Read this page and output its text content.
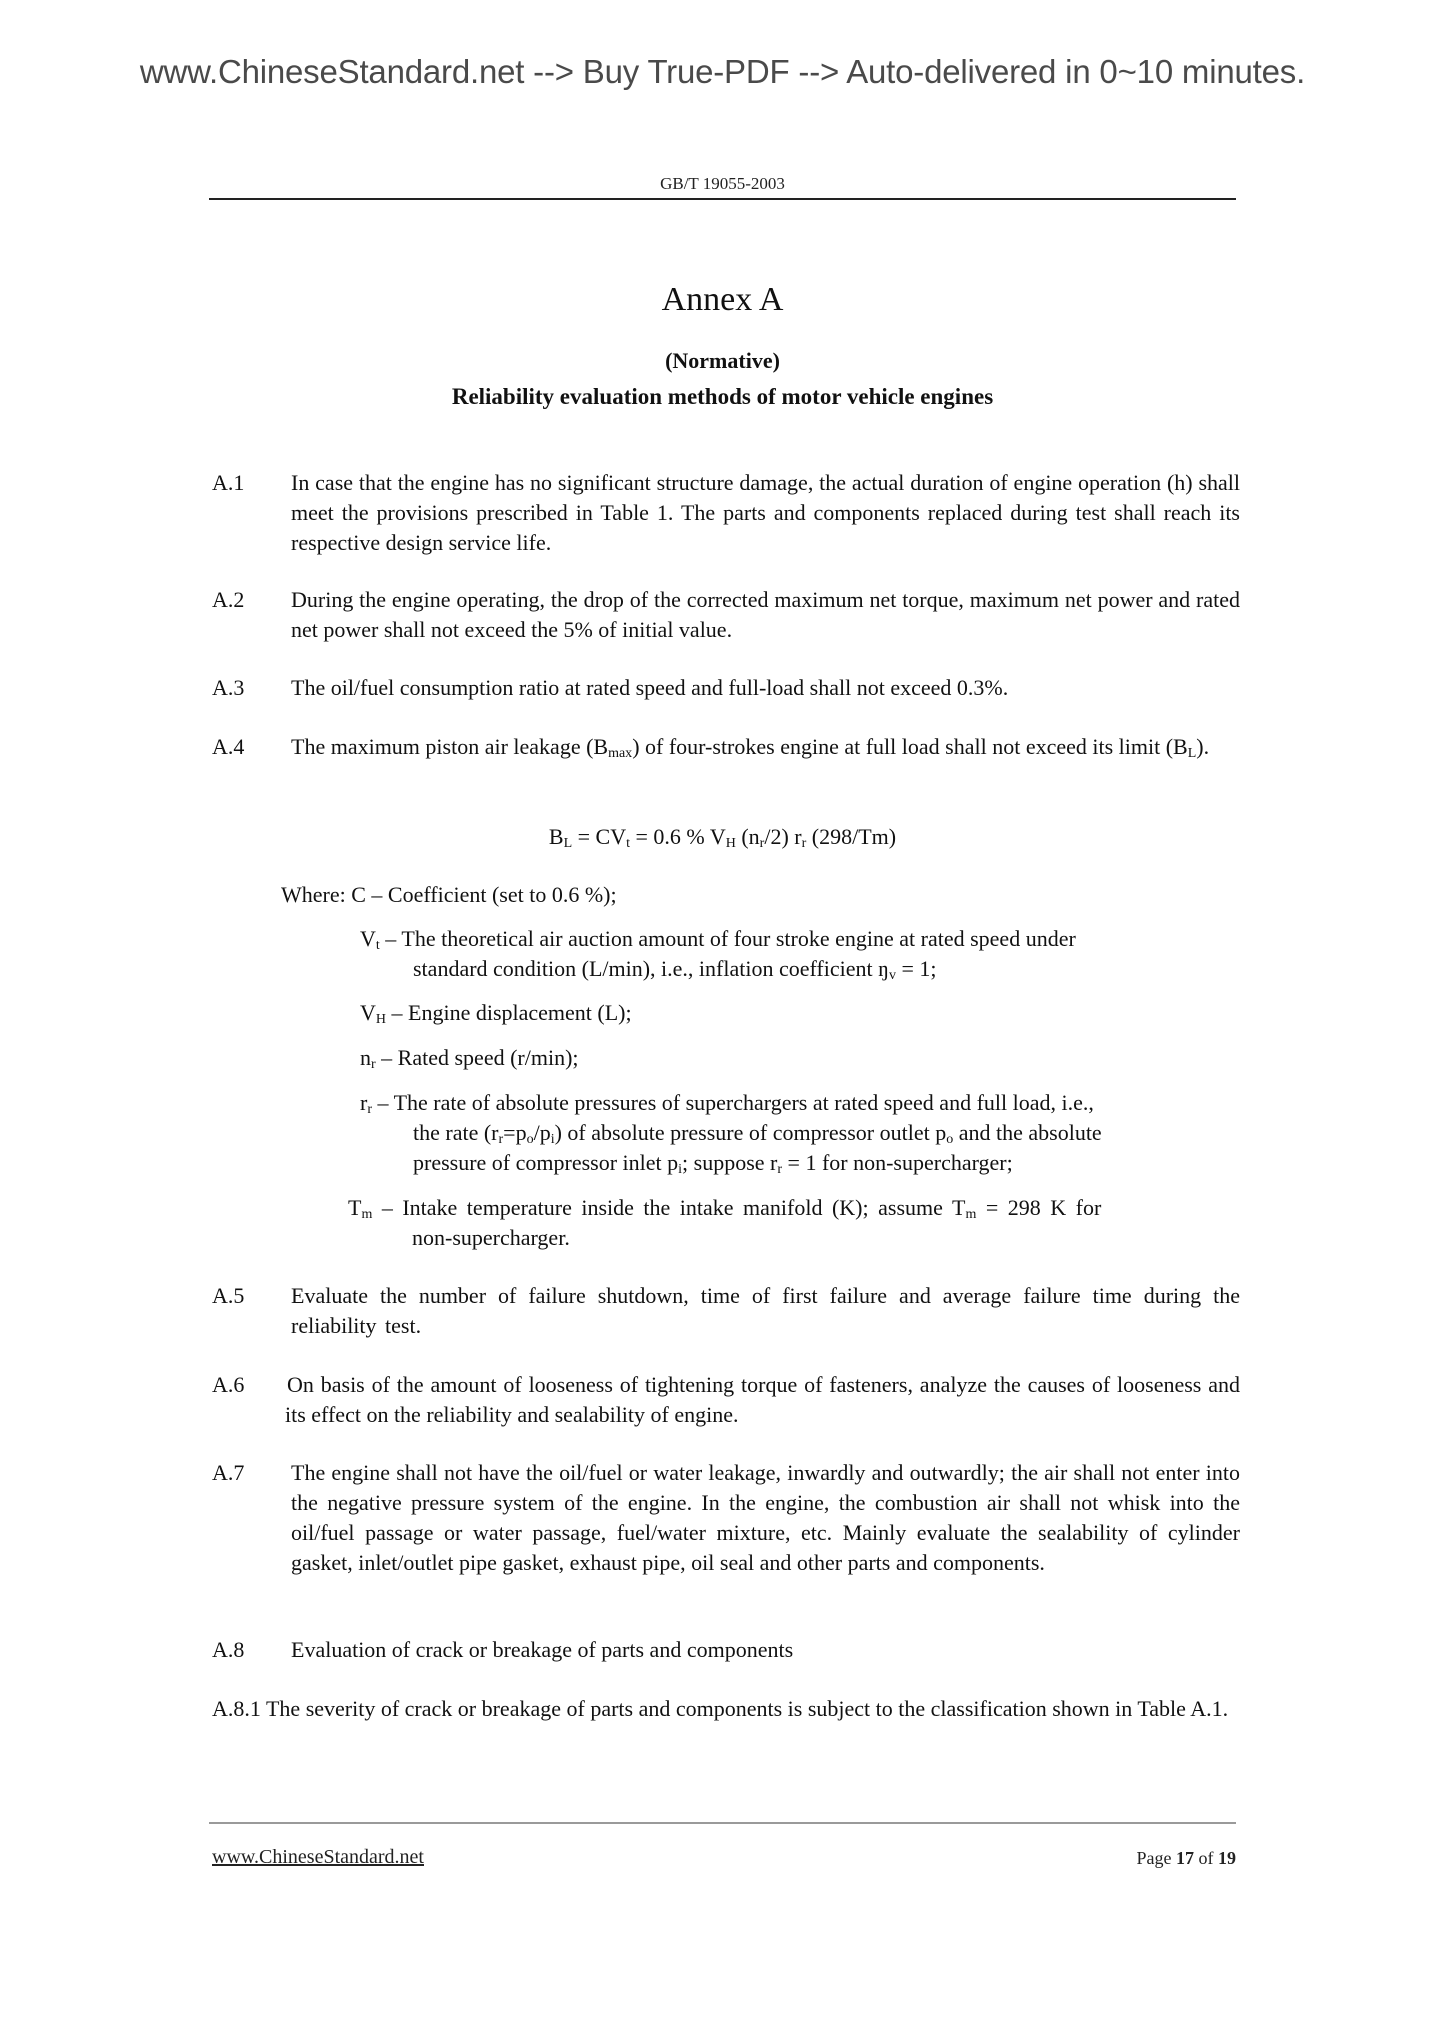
www.ChineseStandard.net --> Buy True-PDF --> Auto-delivered in 0~10 minutes.
GB/T 19055-2003
Annex A
(Normative)
Reliability evaluation methods of motor vehicle engines
A.1 In case that the engine has no significant structure damage, the actual duration of engine operation (h) shall meet the provisions prescribed in Table 1. The parts and components replaced during test shall reach its respective design service life.
A.2 During the engine operating, the drop of the corrected maximum net torque, maximum net power and rated net power shall not exceed the 5% of initial value.
A.3 The oil/fuel consumption ratio at rated speed and full-load shall not exceed 0.3%.
A.4 The maximum piston air leakage $(B_{max})$ of four-strokes engine at full load shall not exceed its limit $(B_L)$.
$B_L = CV_t = 0.6$ % $V_H$ $(n_r/2)$ $r_r$ (298/Tm)
Where: C – Coefficient (set to 0.6 %);
$V_t$ – The theoretical air auction amount of four stroke engine at rated speed under
standard condition (L/min), i.e., inflation coefficient $ŋ_v = 1$;
$V_H$ – Engine displacement (L);
$n_r$ – Rated speed (r/min);
$r_r$ – The rate of absolute pressures of superchargers at rated speed and full load, i.e.,
the rate $(r_r=p_o/p_i)$ of absolute pressure of compressor outlet $p_o$ and the absolute
pressure of compressor inlet $p_i$; suppose $r_r = 1$ for non-supercharger;
$T_m$ – Intake temperature inside the intake manifold (K); assume $T_m = 298$ K for
non-supercharger.
A.5 Evaluate the number of failure shutdown, time of first failure and average failure time during the reliability test.
A.6 On basis of the amount of looseness of tightening torque of fasteners, analyze the causes of looseness and its effect on the reliability and sealability of engine.
A.7 The engine shall not have the oil/fuel or water leakage, inwardly and outwardly; the air shall not enter into the negative pressure system of the engine. In the engine, the combustion air shall not whisk into the oil/fuel passage or water passage, fuel/water mixture, etc. Mainly evaluate the sealability of cylinder gasket, inlet/outlet pipe gasket, exhaust pipe, oil seal and other parts and components.
A.8 Evaluation of crack or breakage of parts and components
A.8.1 The severity of crack or breakage of parts and components is subject to the classification shown in Table A.1.
www.ChineseStandard.net	Page 17 of 19
